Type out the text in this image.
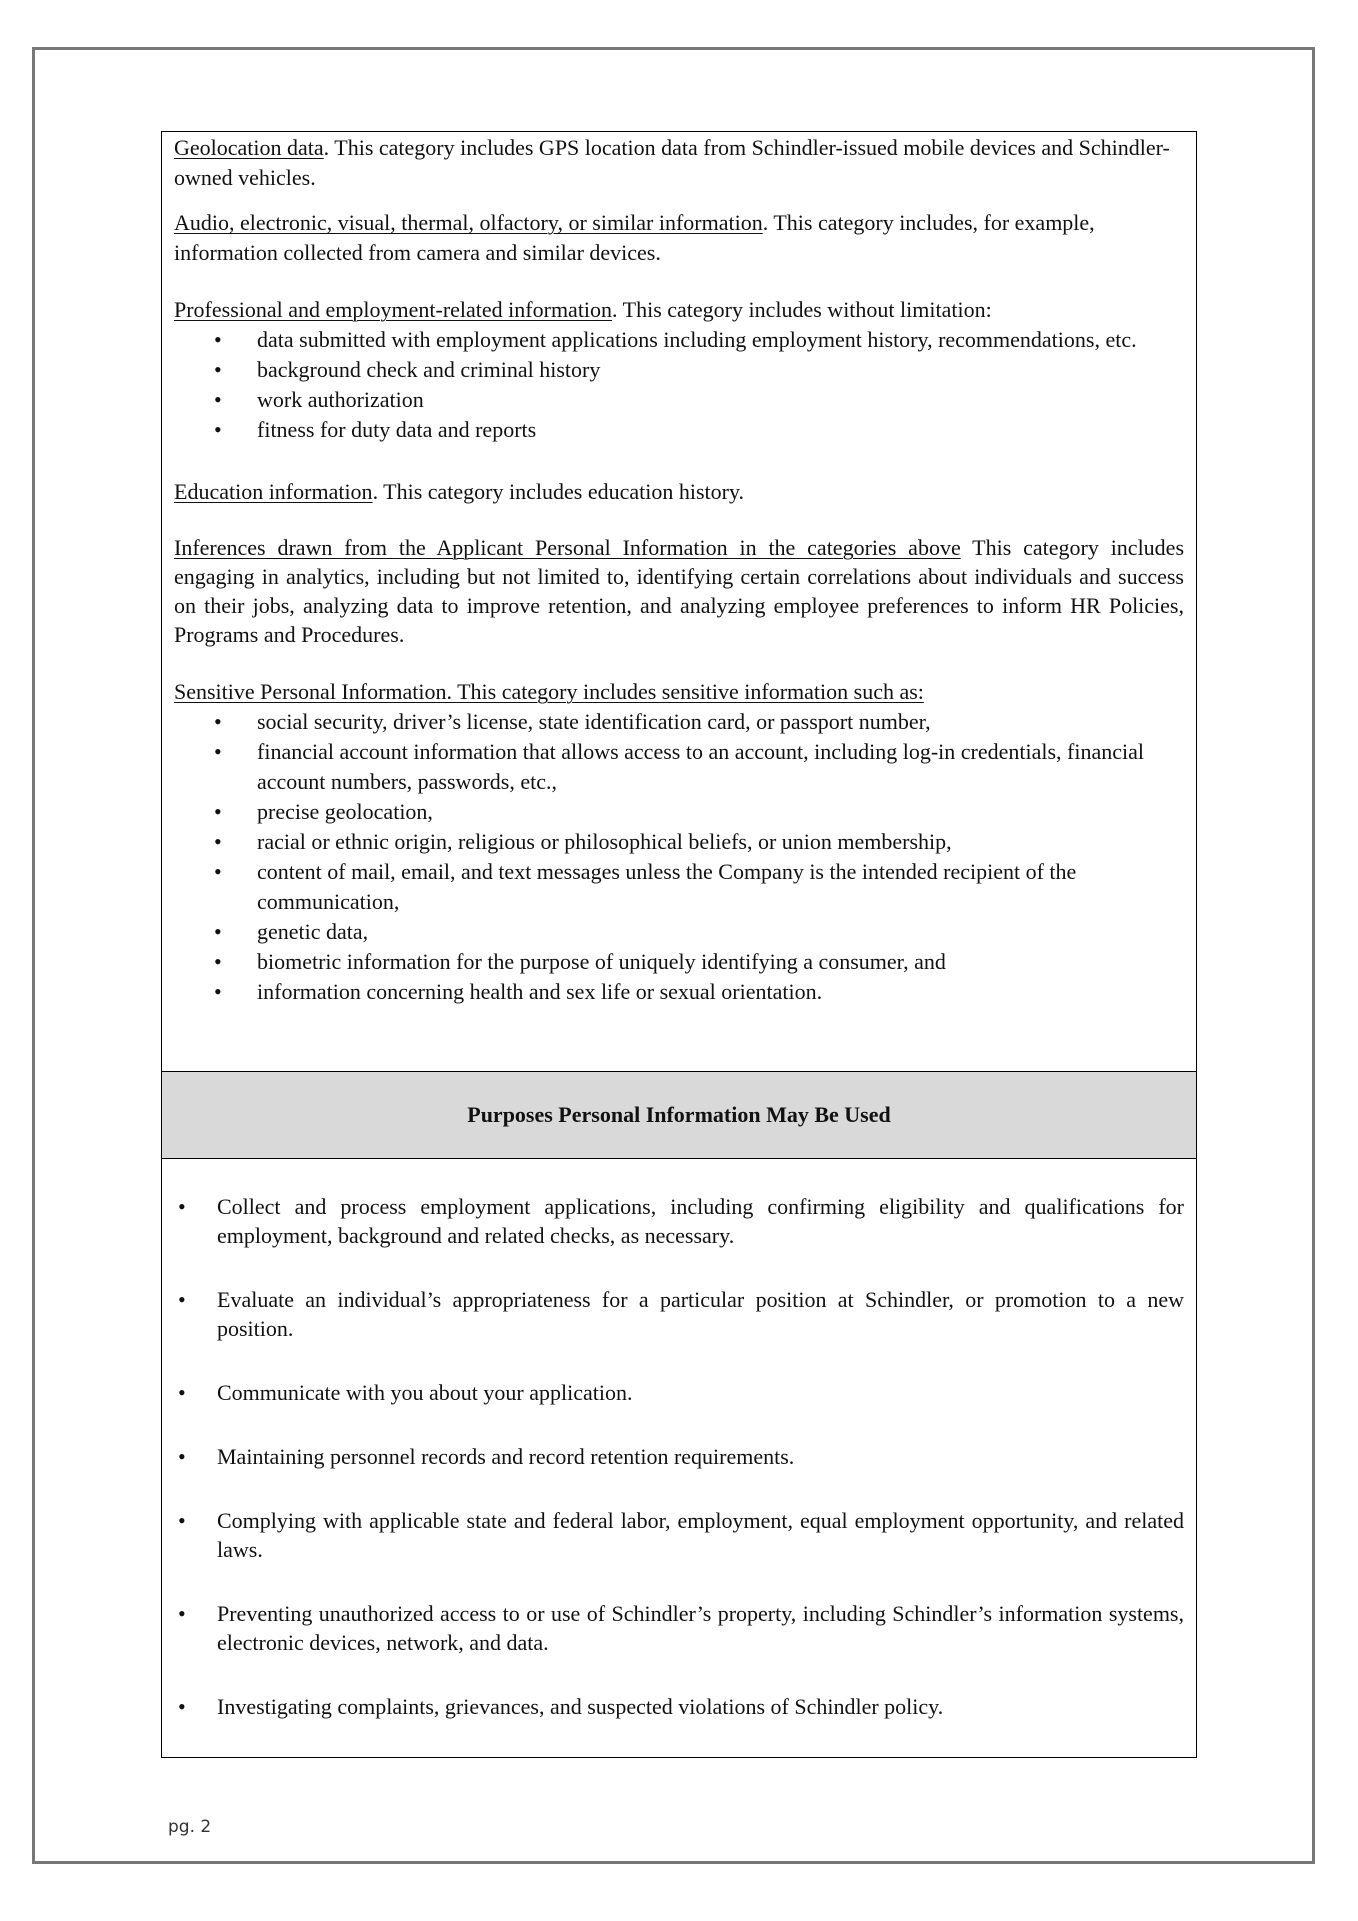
Geolocation data. This category includes GPS location data from Schindler-issued mobile devices and Schindler-owned vehicles.

Audio, electronic, visual, thermal, olfactory, or similar information. This category includes, for example, information collected from camera and similar devices.

Professional and employment-related information. This category includes without limitation:

• data submitted with employment applications including employment history, recommendations, etc.
• background check and criminal history
• work authorization
• fitness for duty data and reports

Education information. This category includes education history.

Inferences drawn from the Applicant Personal Information in the categories above This category includes engaging in analytics, including but not limited to, identifying certain correlations about individuals and success on their jobs, analyzing data to improve retention, and analyzing employee preferences to inform HR Policies, Programs and Procedures.

Sensitive Personal Information. This category includes sensitive information such as:

• social security, driver’s license, state identification card, or passport number,
• financial account information that allows access to an account, including log-in credentials, financial account numbers, passwords, etc.,
• precise geolocation,
• racial or ethnic origin, religious or philosophical beliefs, or union membership,
• content of mail, email, and text messages unless the Company is the intended recipient of the communication,
• genetic data,
• biometric information for the purpose of uniquely identifying a consumer, and
• information concerning health and sex life or sexual orientation.
Purposes Personal Information May Be Used
• Collect and process employment applications, including confirming eligibility and qualifications for employment, background and related checks, as necessary.
• Evaluate an individual’s appropriateness for a particular position at Schindler, or promotion to a new position.
• Communicate with you about your application.
• Maintaining personnel records and record retention requirements.
• Complying with applicable state and federal labor, employment, equal employment opportunity, and related laws.
• Preventing unauthorized access to or use of Schindler’s property, including Schindler’s information systems, electronic devices, network, and data.
• Investigating complaints, grievances, and suspected violations of Schindler policy.
pg. 2
